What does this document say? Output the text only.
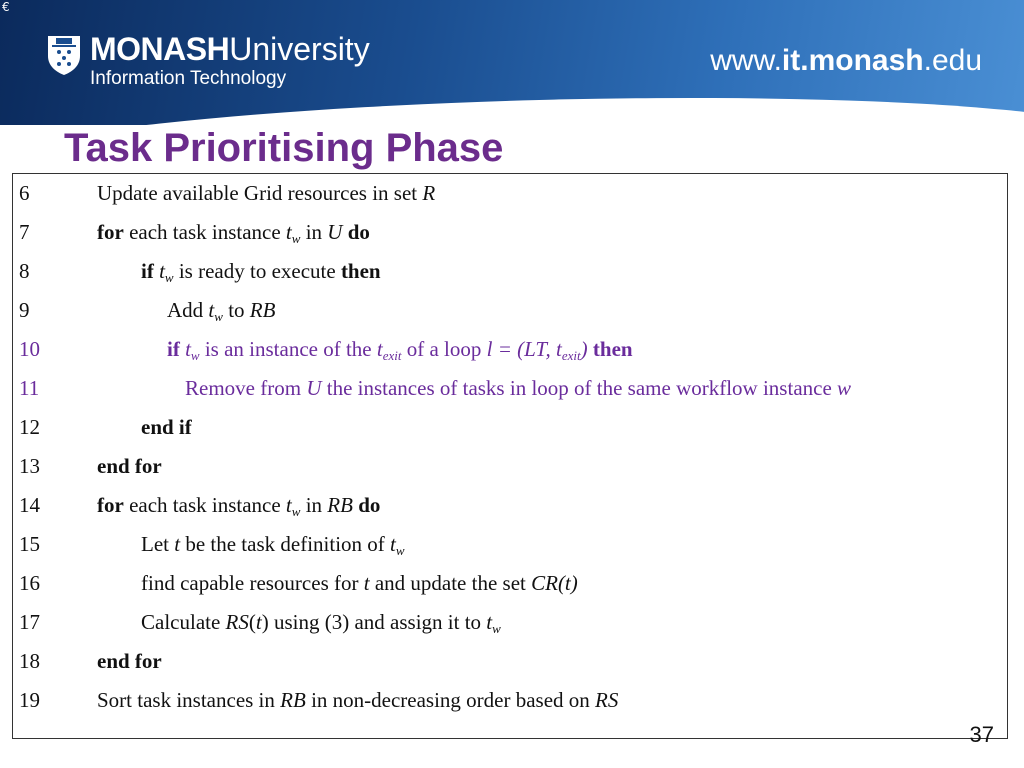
€
MONASHUniversity
Information Technology
www.it.monash.edu
Task Prioritising Phase
6	Update available Grid resources in set R
7	for each task instance $t_w$ in U do
8	if $t_w$ is ready to execute then
9	Add $t_w$ to RB
10	if $t_w$ is an instance of the $t_{exit}$ of a loop l = (LT, $t_{exit}$) then
11	Remove from U the instances of tasks in loop of the same workflow instance w
12	end if
13	end for
14	for each task instance $t_w$ in RB do
15	Let t be the task definition of $t_w$
16	find capable resources for t and update the set CR(t)
17	Calculate RS(t) using (3) and assign it to $t_w$
18	end for
19	Sort task instances in RB in non-decreasing order based on RS
37
